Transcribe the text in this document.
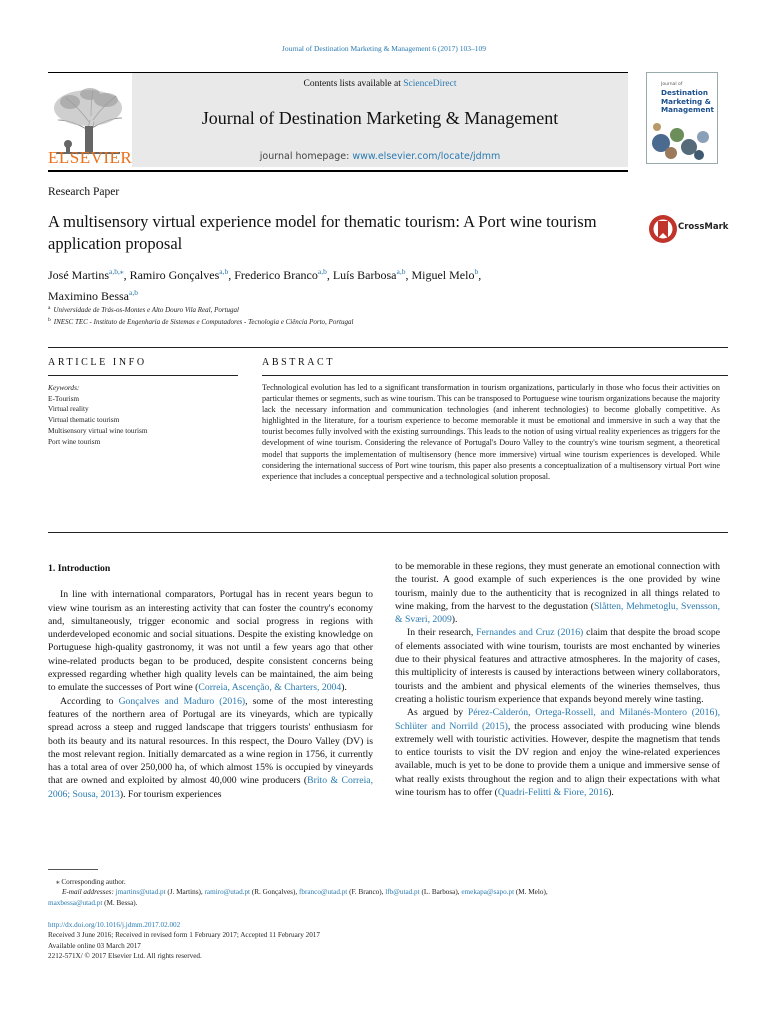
Journal of Destination Marketing & Management 6 (2017) 103–109
ELSEVIER
Contents lists available at ScienceDirect
Journal of Destination Marketing & Management
journal homepage: www.elsevier.com/locate/jdmm
Journal of
Destination
Marketing &
Management
Research Paper
A multisensory virtual experience model for thematic tourism: A Port wine tourism application proposal
CrossMark
José Martins$^{a,b,⁎}$, Ramiro Gonçalves$^{a,b}$, Frederico Branco$^{a,b}$, Luís Barbosa$^{a,b}$, Miguel Melo$^b$,
Maximino Bessa$^{a,b}$
$^a$ Universidade de Trás-os-Montes e Alto Douro Vila Real, Portugal
$^b$ INESC TEC - Instituto de Engenharia de Sistemas e Computadores - Tecnologia e Ciência Porto, Portugal
ARTICLE INFO	ABSTRACT
Keywords:
E-Tourism
Virtual reality
Virtual thematic tourism
Multisensory virtual wine tourism
Port wine tourism
Technological evolution has led to a significant transformation in tourism organizations, particularly in those who focus their activities on particular themes or segments, such as wine tourism. This can be transposed to Portuguese wine tourism organizations because the majority lack the necessary information and communication technologies (and inherent technologies) to become globally competitive. As highlighted in the literature, for a tourism experience to become memorable it must be emotional and immersive in such a way that the tourist becomes fully involved with the existing surroundings. This leads to the notion of using virtual reality experiences as triggers for the development of wine tourism. Considering the relevance of Portugal's Douro Valley to the country's wine tourism segment, a theoretical model that supports the implementation of multisensory (hence more immersive) virtual wine tourism experiences is developed. While considering the international success of Port wine tourism, this paper also presents a conceptualization of a multisensory virtual Port wine experience that includes a conceptual perspective and a technological solution proposal.
1. Introduction

In line with international comparators, Portugal has in recent years begun to view wine tourism as an interesting activity that can foster the country's economy and, simultaneously, trigger economic and social progress in regions with underdeveloped economic and social situations. Despite the existing knowledge on Portuguese high-quality gastronomy, it was not until a few years ago that other wine-related products began to be produced, despite consistent concerns being expressed regarding whether high quality levels can be maintained, the aim being to emulate the successes of Port wine (Correia, Ascenção, & Charters, 2004).

According to Gonçalves and Maduro (2016), some of the most interesting features of the northern area of Portugal are its vineyards, which are typically spread across a steep and rugged landscape that triggers tourists' enthusiasm for both its beauty and its natural resources. In this respect, the Douro Valley (DV) is the most relevant region. Initially demarcated as a wine region in 1756, it currently has a total area of over 250,000 ha, of which almost 15% is occupied by vineyards that are owned and exploited by almost 40,000 wine producers (Brito & Correia, 2006; Sousa, 2013). For tourism experiences

to be memorable in these regions, they must generate an emotional connection with the tourist. A good example of such experiences is the one provided by wine tourism, mainly due to the authenticity that is recognized in all things related to wine making, from the harvest to the degustation (Slåtten, Mehmetoglu, Svensson, & Sværi, 2009).

In their research, Fernandes and Cruz (2016) claim that despite the broad scope of elements associated with wine tourism, tourists are most enchanted by wineries due to their physical features and attractive atmospheres. In the majority of cases, this multiplicity of interests is caused by interactions between winery collaborators, tourists and the ambient and physical elements of the wineries themselves, thus creating a holistic tourism experience that expands beyond merely wine tasting.

As argued by Pérez-Calderón, Ortega-Rossell, and Milanés-Montero (2016), Schlüter and Norrild (2015), the process associated with producing wine blends extremely well with touristic activities. However, despite the magnetism that tends to entice tourists to visit the DV region and enjoy the wine-related experiences available, much is yet to be done to provide them a unique and immersive sense of what really exists throughout the region and to align their expectations with what wine tourism has to offer (Quadri-Felitti & Fiore, 2016).

⁎ Corresponding author.
E-mail addresses: jmartins@utad.pt (J. Martins), ramiro@utad.pt (R. Gonçalves), fbranco@utad.pt (F. Branco), lfb@utad.pt (L. Barbosa), emekapa@sapo.pt (M. Melo),
maxbessa@utad.pt (M. Bessa).
http://dx.doi.org/10.1016/j.jdmm.2017.02.002
Received 3 June 2016; Received in revised form 1 February 2017; Accepted 11 February 2017
Available online 03 March 2017
2212-571X/ © 2017 Elsevier Ltd. All rights reserved.
